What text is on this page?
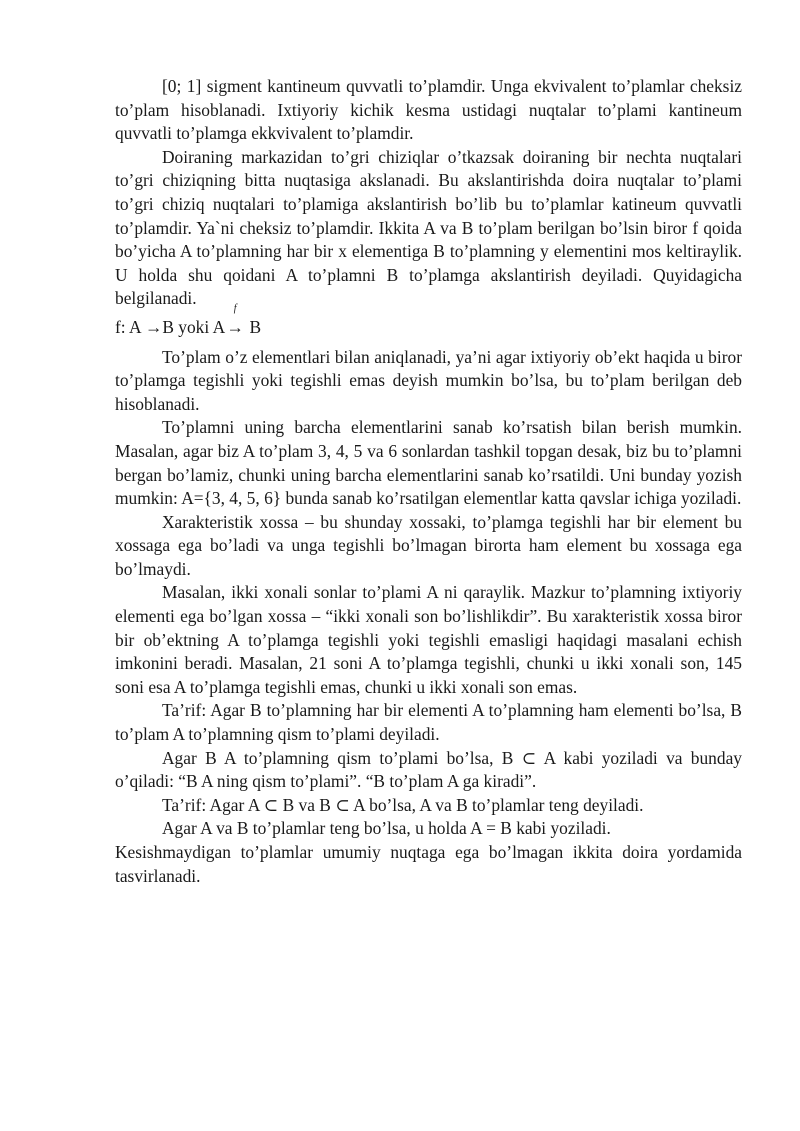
[0; 1] sigment kantineum quvvatli to’plamdir. Unga ekvivalent to’plamlar cheksiz to’plam hisoblanadi. Ixtiyoriy kichik kesma ustidagi nuqtalar to’plami kantineum quvvatli to’plamga ekkvivalent to’plamdir.

Doiraning markazidan to’gri chiziqlar o’tkazsak doiraning bir nechta nuqtalari to’gri chiziqning bitta nuqtasiga akslanadi. Bu akslantirishda doira nuqtalar to’plami to’gri chiziq nuqtalari to’plamiga akslantirish bo’lib bu to’plamlar katineum quvvatli to’plamdir. Ya`ni cheksiz to’plamdir. Ikkita A va B to’plam berilgan bo’lsin biror f qoida bo’yicha A to’plamning har bir x elementiga B to’plamning y elementini mos keltiraylik. U holda shu qoidani A to’plamni B to’plamga akslantirish deyiladi. Quyidagicha belgilanadi.

f: A →B yoki A
f
→ B

To’plam o’z elementlari bilan aniqlanadi, ya’ni agar ixtiyoriy ob’ekt haqida u biror to’plamga tegishli yoki tegishli emas deyish mumkin bo’lsa, bu to’plam berilgan deb hisoblanadi.

To’plamni uning barcha elementlarini sanab ko’rsatish bilan berish mumkin. Masalan, agar biz A to’plam 3, 4, 5 va 6 sonlardan tashkil topgan desak, biz bu to’plamni bergan bo’lamiz, chunki uning barcha elementlarini sanab ko’rsatildi. Uni bunday yozish mumkin: A={3, 4, 5, 6} bunda sanab ko’rsatilgan elementlar katta qavslar ichiga yoziladi.

Xarakteristik xossa – bu shunday xossaki, to’plamga tegishli har bir element bu xossaga ega bo’ladi va unga tegishli bo’lmagan birorta ham element bu xossaga ega bo’lmaydi.

Masalan, ikki xonali sonlar to’plami A ni qaraylik. Mazkur to’plamning ixtiyoriy elementi ega bo’lgan xossa – “ikki xonali son bo’lishlikdir”. Bu xarakteristik xossa biror bir ob’ektning A to’plamga tegishli yoki tegishli emasligi haqidagi masalani echish imkonini beradi. Masalan, 21 soni A to’plamga tegishli, chunki u ikki xonali son, 145 soni esa A to’plamga tegishli emas, chunki u ikki xonali son emas.

Ta’rif: Agar B to’plamning har bir elementi A to’plamning ham elementi bo’lsa, B to’plam A to’plamning qism to’plami deyiladi.

Agar B A to’plamning qism to’plami bo’lsa, B ⊂ A kabi yoziladi va bunday o’qiladi: “B A ning qism to’plami”. “B to’plam A ga kiradi”.

Ta’rif: Agar A ⊂ B va B ⊂ A bo’lsa, A va B to’plamlar teng deyiladi.

Agar A va B to’plamlar teng bo’lsa, u holda A = B kabi yoziladi.

Kesishmaydigan to’plamlar umumiy nuqtaga ega bo’lmagan ikkita doira yordamida tasvirlanadi.
